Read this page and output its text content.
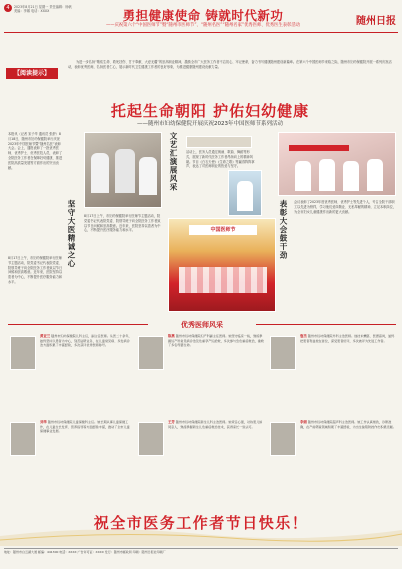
4	2023年8月21日 星期一 责任编辑：杨帆 美编：李娜 电话：XXXX	勇担健康使命 铸就时代新功
——庆祝第六个“中国医师节”暨“随州市医师节”、“随州名医”“随州名家”优秀医师、优秀医生表彰活动	随州日报
【阅读提示】
为进一步弘扬“敬佑生命、救死扶伤、甘于奉献、大爱无疆”的崇高职业精神，激励全市广大医务工作者不忘初心、牢记使命，奋力书写健康随州建设新篇章。在第六个中国医师节来临之际，随州市妇幼保健院开展一系列庆祝活动，表彰优秀医师，弘扬医者仁心，展示新时代卫生健康工作者的良好形象，为推进健康随州建设贡献力量。
托起生命朝阳 护佑妇幼健康
——随州市妇幼保健院开展庆祝2023年中国医师节系列活动
本报讯（记者 宋子华 通讯员 张舒）8月18日，随州市妇幼保健院举行庆祝2023年中国医师节暨“随州名医”表彰大会。会上，通报表彰了一批优秀医师、优秀护士、优秀医技人员，表彰了全院医务工作者在保障妇幼健康、推进医院高质量发展等方面作出的突出贡献。
坚守大医精诚之心
8月17日上午，市妇幼保健院举行医师节主题活动，院党委书记代表院党委、院领导班子向全院医务工作者致以节日问候和崇高敬意。近年来，医院坚持以患者为中心，不断提升医疗服务能力和水平。
8月17日上午，市妇幼保健院举行医师节主题活动，院党委书记代表院党委、院领导班子向全院医务工作者致以节日问候和崇高敬意。近年来，医院坚持以患者为中心，不断提升医疗服务能力和水平。
文艺汇演展风采	活动上，医务人员通过朗诵、歌曲、舞蹈等形式，展现了新时代医务工作者昂扬向上的精神风貌。节目《白衣天使》《生命之歌》等赢得阵阵掌声，表达了对医师职业的热爱与坚守。
中国医师节	表彰大会鼓干劲	会议表彰了2023年度优秀医师、优秀护士等先进个人，号召全院干部职工以先进为榜样，学习他们爱岗敬业、无私奉献的精神，立足本职岗位，为全市妇女儿童健康作出新的更大贡献。
优秀医师风采
黄亚兰 随州市妇幼保健院儿科主任，副主任医师。从医二十余年，始终坚持以患者为中心，刻苦钻研业务，在儿童常见病、多发病诊治方面积累了丰富经验，多次获评优秀医师称号。
陈燕 随州市妇幼保健院妇产科副主任医师。她坚守临床一线，熟练掌握妇产科常见病诊治及危重孕产妇抢救，多次参与急危重症救治，挽救了多名母婴生命。
詹杰 随州市妇幼保健院外科主治医师。他技术精湛、医德高尚，始终把患者利益放在首位，深受患者好评，多次被评为先进工作者。
刘华 随州市妇幼保健院儿童保健科主任。她长期从事儿童保健工作，在儿童生长发育、营养指导等方面经验丰富，推动了全市儿童保健事业发展。
王芳 随州市妇幼保健院新生儿科主治医师。她责任心强，对待患儿如同亲人，熟练掌握新生儿危重症救治技术，获得家长一致认可。
李娟 随州市妇幼保健院超声科主治医师。她工作认真细致，诊断准确，在产前筛查领域积累了丰富经验，为出生缺陷防控作出积极贡献。
祝全市医务工作者节日快乐！
地址：随州市白云湖大道 邮编：441300 电话：XXXX 广告许可证：XXXX 发行：随州市邮政局 印刷：随州日报社印刷厂
